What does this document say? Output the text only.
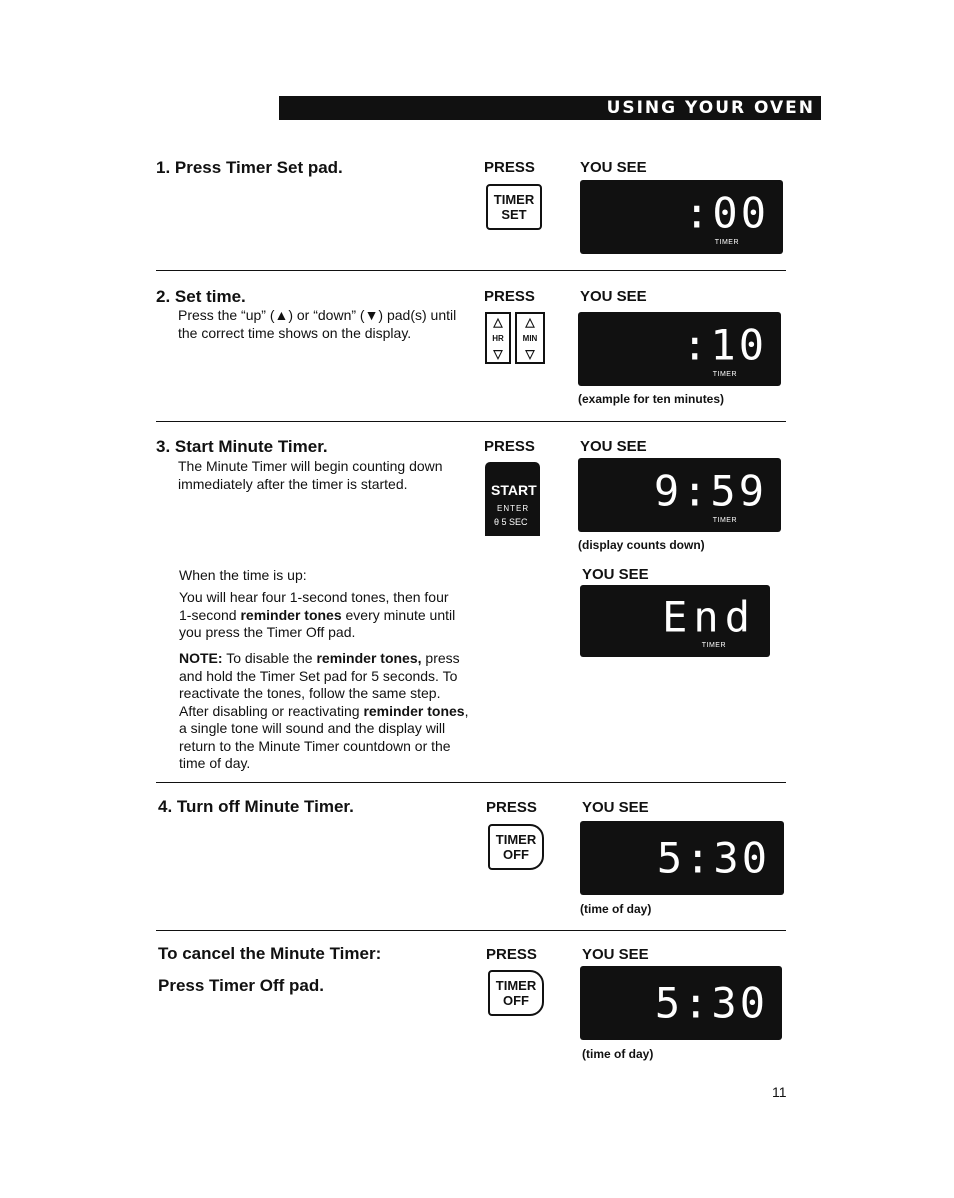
USING YOUR OVEN
1. Press Timer Set pad.	PRESS	YOU SEE
TIMER
SET	:00
TIMER
2. Set time.
Press the “up” (▲) or “down” (▼) pad(s) until the correct time shows on the display.
PRESS	YOU SEE
△
HR
▽
△
MIN
▽	:10
TIMER
(example for ten minutes)
3. Start Minute Timer.
The Minute Timer will begin counting down immediately after the timer is started.
PRESS	YOU SEE
START
ENTER
θ 5 SEC
9:59
TIMER
(display counts down)
When the time is up:
You will hear four 1-second tones, then four 1-second reminder tones every minute until you press the Timer Off pad.
NOTE: To disable the reminder tones, press and hold the Timer Set pad for 5 seconds. To reactivate the tones, follow the same step. After disabling or reactivating reminder tones, a single tone will sound and the display will return to the Minute Timer countdown or the time of day.
YOU SEE
End
TIMER
4. Turn off Minute Timer.	PRESS	YOU SEE
TIMER
OFF	5:30
(time of day)
To cancel the Minute Timer:
Press Timer Off pad.
PRESS	YOU SEE
TIMER
OFF	5:30
(time of day)
11
